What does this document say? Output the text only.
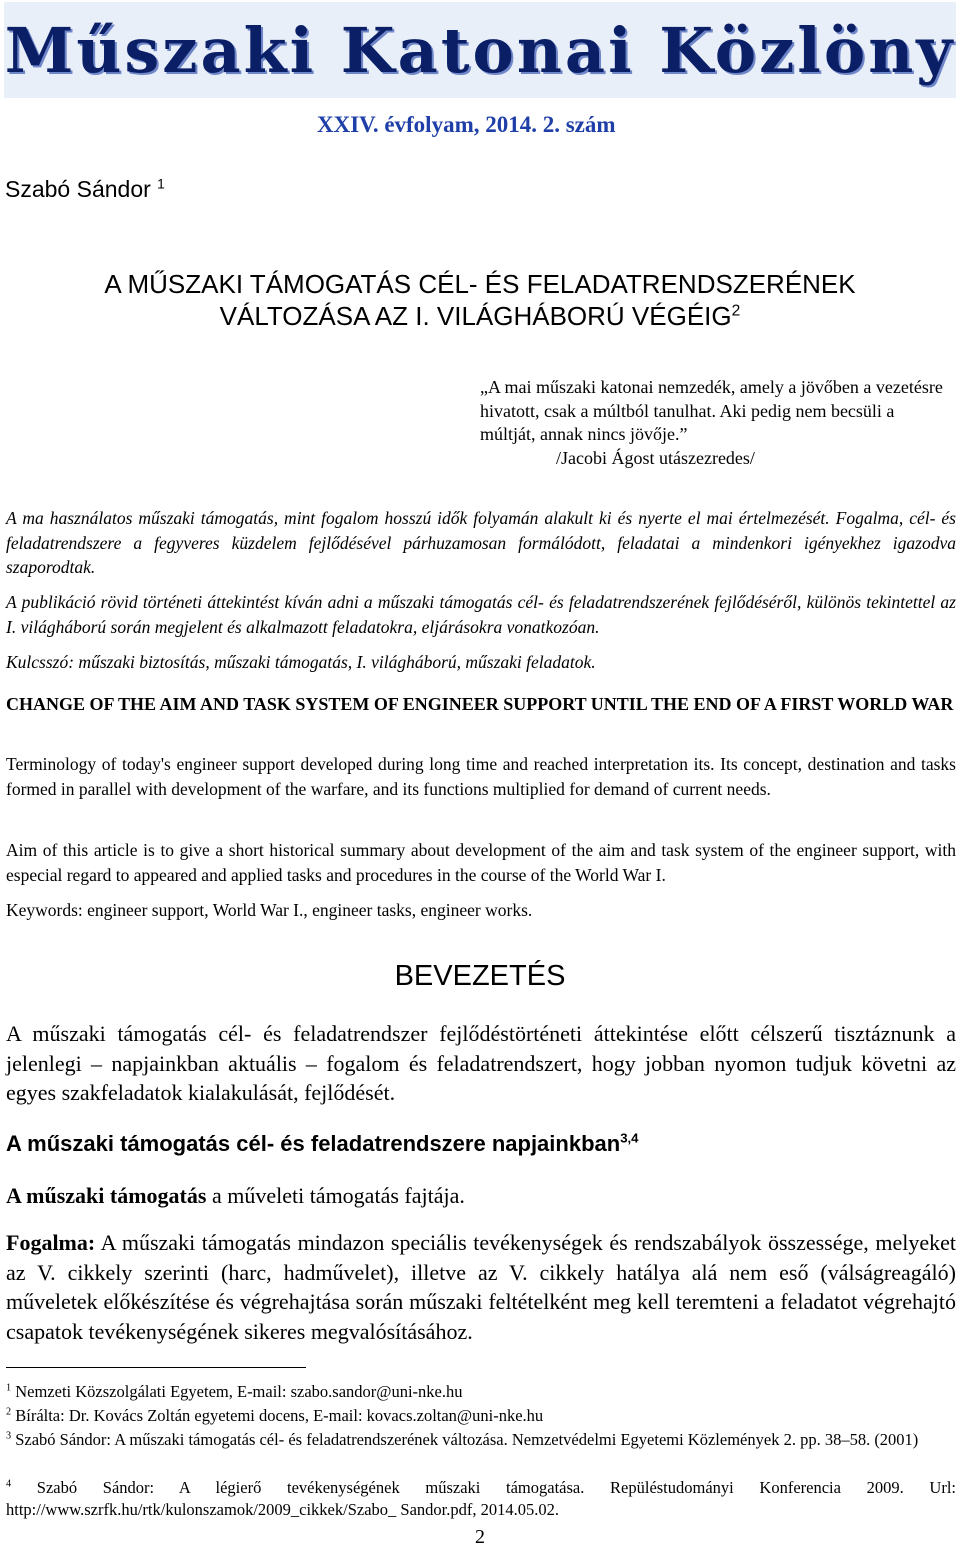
Műszaki Katonai Közlöny
XXIV. évfolyam, 2014. 2. szám
Szabó Sándor $^1$
A MŰSZAKI TÁMOGATÁS CÉL- ÉS FELADATRENDSZERÉNEK
VÁLTOZÁSA AZ I. VILÁGHÁBORÚ VÉGÉIG$^2$
„A mai műszaki katonai nemzedék, amely a jövőben a vezetésre hivatott, csak a múltból tanulhat. Aki pedig nem becsüli a múltját, annak nincs jövője.”
/Jacobi Ágost utászezredes/

A ma használatos műszaki támogatás, mint fogalom hosszú idők folyamán alakult ki és nyerte el mai értelmezését. Fogalma, cél- és feladatrendszere a fegyveres küzdelem fejlődésével párhuzamosan formálódott, feladatai a mindenkori igényekhez igazodva szaporodtak.

A publikáció rövid történeti áttekintést kíván adni a műszaki támogatás cél- és feladatrendszerének fejlődéséről, különös tekintettel az I. világháború során megjelent és alkalmazott feladatokra, eljárásokra vonatkozóan.

Kulcsszó: műszaki biztosítás, műszaki támogatás, I. világháború, műszaki feladatok.

CHANGE OF THE AIM AND TASK SYSTEM OF ENGINEER SUPPORT UNTIL THE END OF A FIRST WORLD WAR

Terminology of today's engineer support developed during long time and reached interpretation its. Its concept, destination and tasks formed in parallel with development of the warfare, and its functions multiplied for demand of current needs.

Aim of this article is to give a short historical summary about development of the aim and task system of the engineer support, with especial regard to appeared and applied tasks and procedures in the course of the World War I.

Keywords: engineer support, World War I., engineer tasks, engineer works.

BEVEZETÉS

A műszaki támogatás cél- és feladatrendszer fejlődéstörténeti áttekintése előtt célszerű tisztáznunk a jelenlegi – napjainkban aktuális – fogalom és feladatrendszert, hogy jobban nyomon tudjuk követni az egyes szakfeladatok kialakulását, fejlődését.

A műszaki támogatás cél- és feladatrendszere napjainkban$^{3,4}$

A műszaki támogatás a műveleti támogatás fajtája.

Fogalma: A műszaki támogatás mindazon speciális tevékenységek és rendszabályok összessége, melyeket az V. cikkely szerinti (harc, hadművelet), illetve az V. cikkely hatálya alá nem eső (válságreagáló) műveletek előkészítése és végrehajtása során műszaki feltételként meg kell teremteni a feladatot végrehajtó csapatok tevékenységének sikeres megvalósításához.

$^1$ Nemzeti Közszolgálati Egyetem, E-mail: szabo.sandor@uni-nke.hu

$^2$ Bírálta: Dr. Kovács Zoltán egyetemi docens, E-mail: kovacs.zoltan@uni-nke.hu

$^3$ Szabó Sándor: A műszaki támogatás cél- és feladatrendszerének változása. Nemzetvédelmi Egyetemi Közlemények 2. pp. 38–58. (2001)

$^4$ Szabó Sándor: A légierő tevékenységének műszaki támogatása. Repüléstudományi Konferencia 2009. Url: http://www.szrfk.hu/rtk/kulonszamok/2009_cikkek/Szabo_ Sandor.pdf, 2014.05.02.

2
